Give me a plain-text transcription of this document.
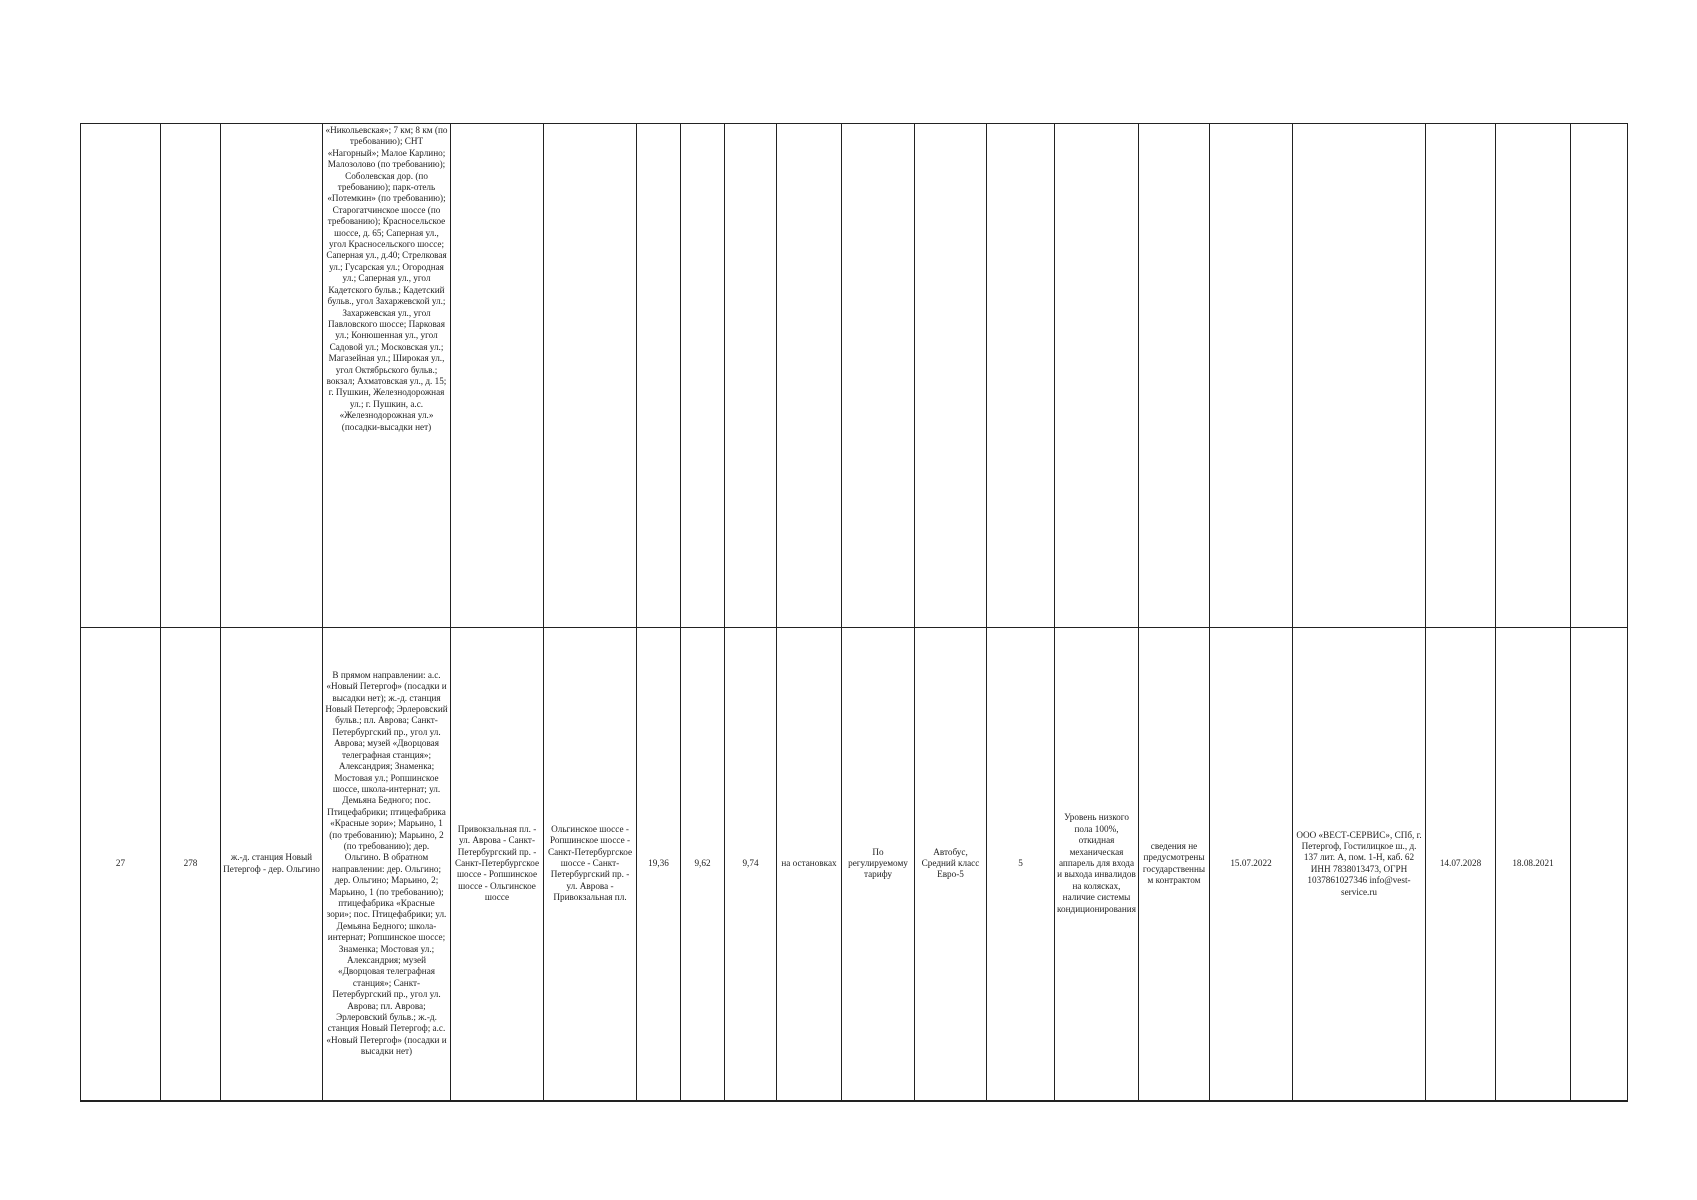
			«Никольевская»; 7 км; 8 км (по требованию); СНТ «Нагорный»; Малое Карлино; Малозолово (по требованию); Соболевская дор. (по требованию); парк-отель «Потемкин» (по требованию); Старогатчинское шоссе (по требованию); Красносельское шоссе, д. 65; Саперная ул., угол Красносельского шоссе; Саперная ул., д.40; Стрелковая ул.; Гусарская ул.; Огородная ул.; Саперная ул., угол Кадетского бульв.; Кадетский бульв., угол Захаржевской ул.; Захаржевская ул., угол Павловского шоссе; Парковая ул.; Конюшенная ул., угол Садовой ул.; Московская ул.; Магазейная ул.; Широкая ул., угол Октябрьского бульв.; вокзал; Ахматовская ул., д. 15; г. Пушкин, Железнодорожная ул.; г. Пушкин, а.с. «Железнодорожная ул.» (посадки-высадки нет)																
27	278	ж.-д. станция Новый Петергоф - дер. Ольгино	В прямом направлении: а.с. «Новый Петергоф» (посадки и высадки нет); ж.-д. станция Новый Петергоф; Эрлеровский бульв.; пл. Аврова; Санкт-Петербургский пр., угол ул. Аврова; музей «Дворцовая телеграфная станция»; Александрия; Знаменка; Мостовая ул.; Ропшинское шоссе, школа-интернат; ул. Демьяна Бедного; пос. Птицефабрики; птицефабрика «Красные зори»; Марьино, 1 (по требованию); Марьино, 2 (по требованию); дер. Ольгино. В обратном направлении: дер. Ольгино; дер. Ольгино; Марьино, 2; Марьино, 1 (по требованию); птицефабрика «Красные зори»; пос. Птицефабрики; ул. Демьяна Бедного; школа-интернат; Ропшинское шоссе; Знаменка; Мостовая ул.; Александрия; музей «Дворцовая телеграфная станция»; Санкт-Петербургский пр., угол ул. Аврова; пл. Аврова; Эрлеровский бульв.; ж.-д. станция Новый Петергоф; а.с. «Новый Петергоф» (посадки и высадки нет)	Привокзальная пл. - ул. Аврова - Санкт-Петербургский пр. - Санкт-Петербургское шоссе - Ропшинское шоссе - Ольгинское шоссе	Ольгинское шоссе - Ропшинское шоссе - Санкт-Петербургское шоссе - Санкт-Петербургский пр. - ул. Аврова - Привокзальная пл.	19,36	9,62	9,74	на остановках	По регулируемому тарифу	Автобус, Средний класс Евро-5	5	Уровень низкого пола 100%, откидная механическая аппарель для входа и выхода инвалидов на колясках, наличие системы кондиционирования	сведения не предусмотрены государственным контрактом	15.07.2022	ООО «ВЕСТ-СЕРВИС», СПб, г. Петергоф, Гостилицкое ш., д. 137 лит. А, пом. 1-Н, каб. 62 ИНН 7838013473, ОГРН 1037861027346 info@vest-service.ru	14.07.2028	18.08.2021	
